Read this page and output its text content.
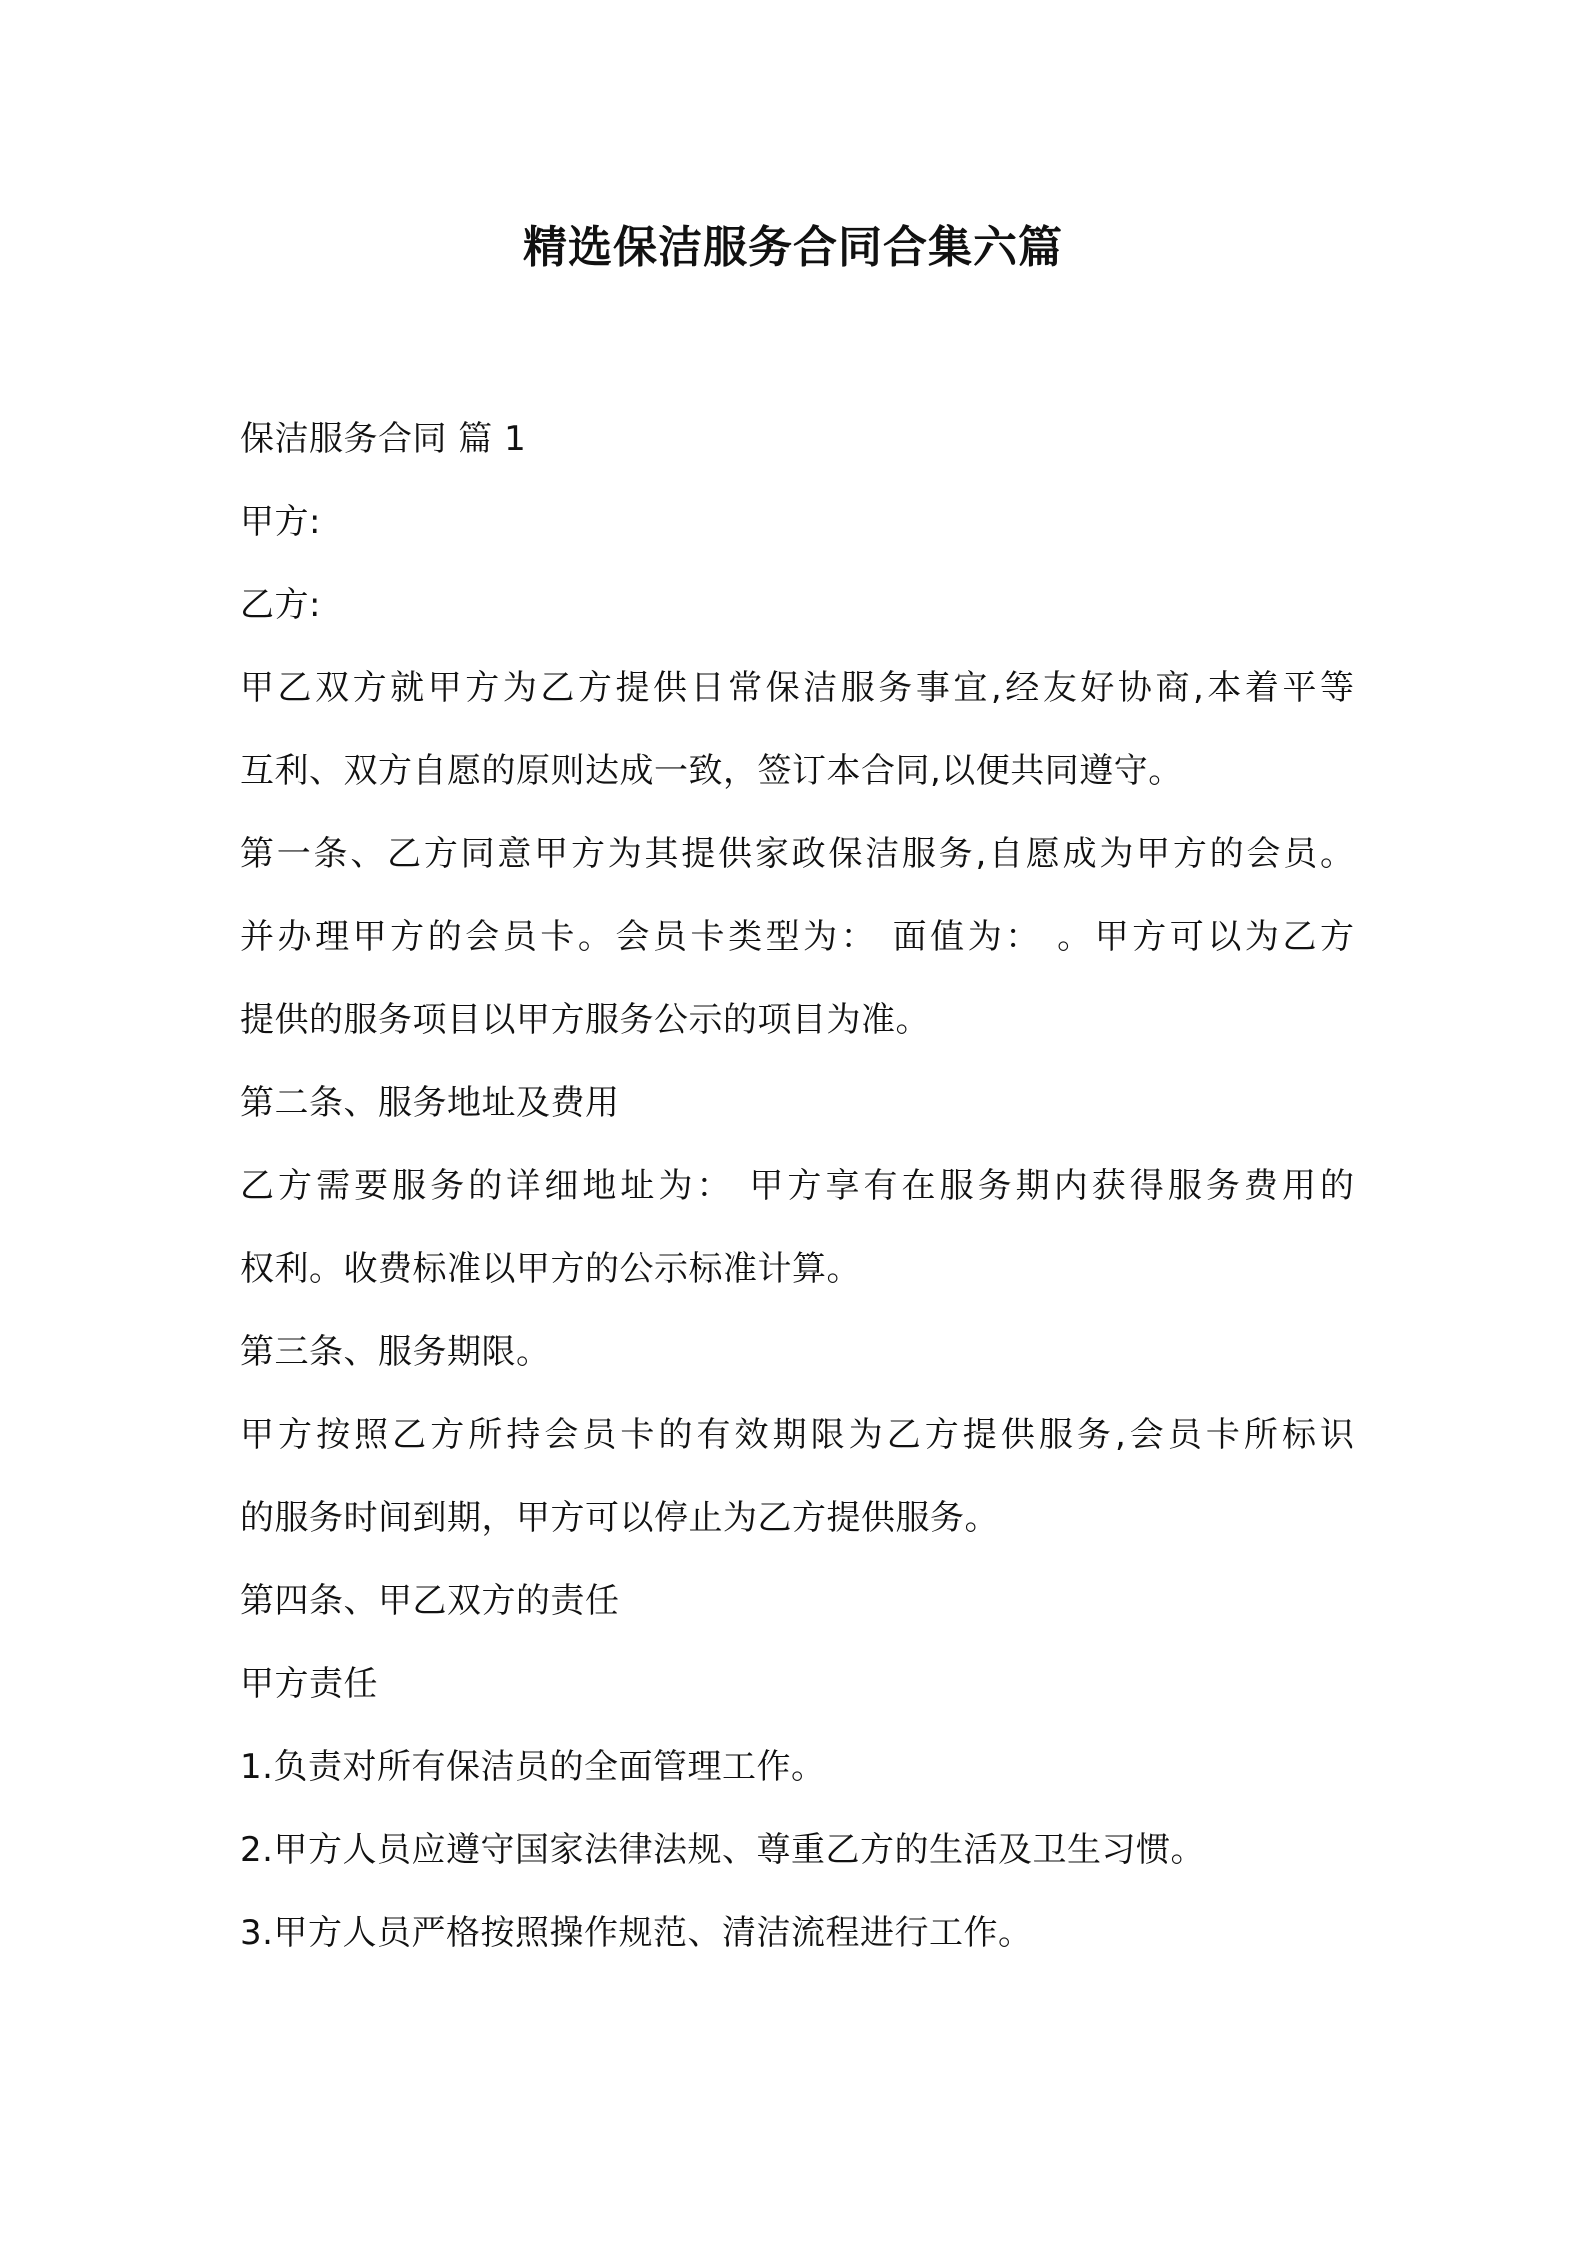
精选保洁服务合同合集六篇
保洁服务合同 篇 1
甲方:
乙方:
甲乙双方就甲方为乙方提供日常保洁服务事宜,经友好协商,本着平等
互利、双方自愿的原则达成一致，签订本合同,以便共同遵守。
第一条、乙方同意甲方为其提供家政保洁服务,自愿成为甲方的会员。
并办理甲方的会员卡。会员卡类型为： 面值为： 。甲方可以为乙方
提供的服务项目以甲方服务公示的项目为准。
第二条、服务地址及费用
乙方需要服务的详细地址为： 甲方享有在服务期内获得服务费用的
权利。收费标准以甲方的公示标准计算。
第三条、服务期限。
甲方按照乙方所持会员卡的有效期限为乙方提供服务,会员卡所标识
的服务时间到期，甲方可以停止为乙方提供服务。
第四条、甲乙双方的责任
甲方责任
1.负责对所有保洁员的全面管理工作。
2.甲方人员应遵守国家法律法规、尊重乙方的生活及卫生习惯。
3.甲方人员严格按照操作规范、清洁流程进行工作。
